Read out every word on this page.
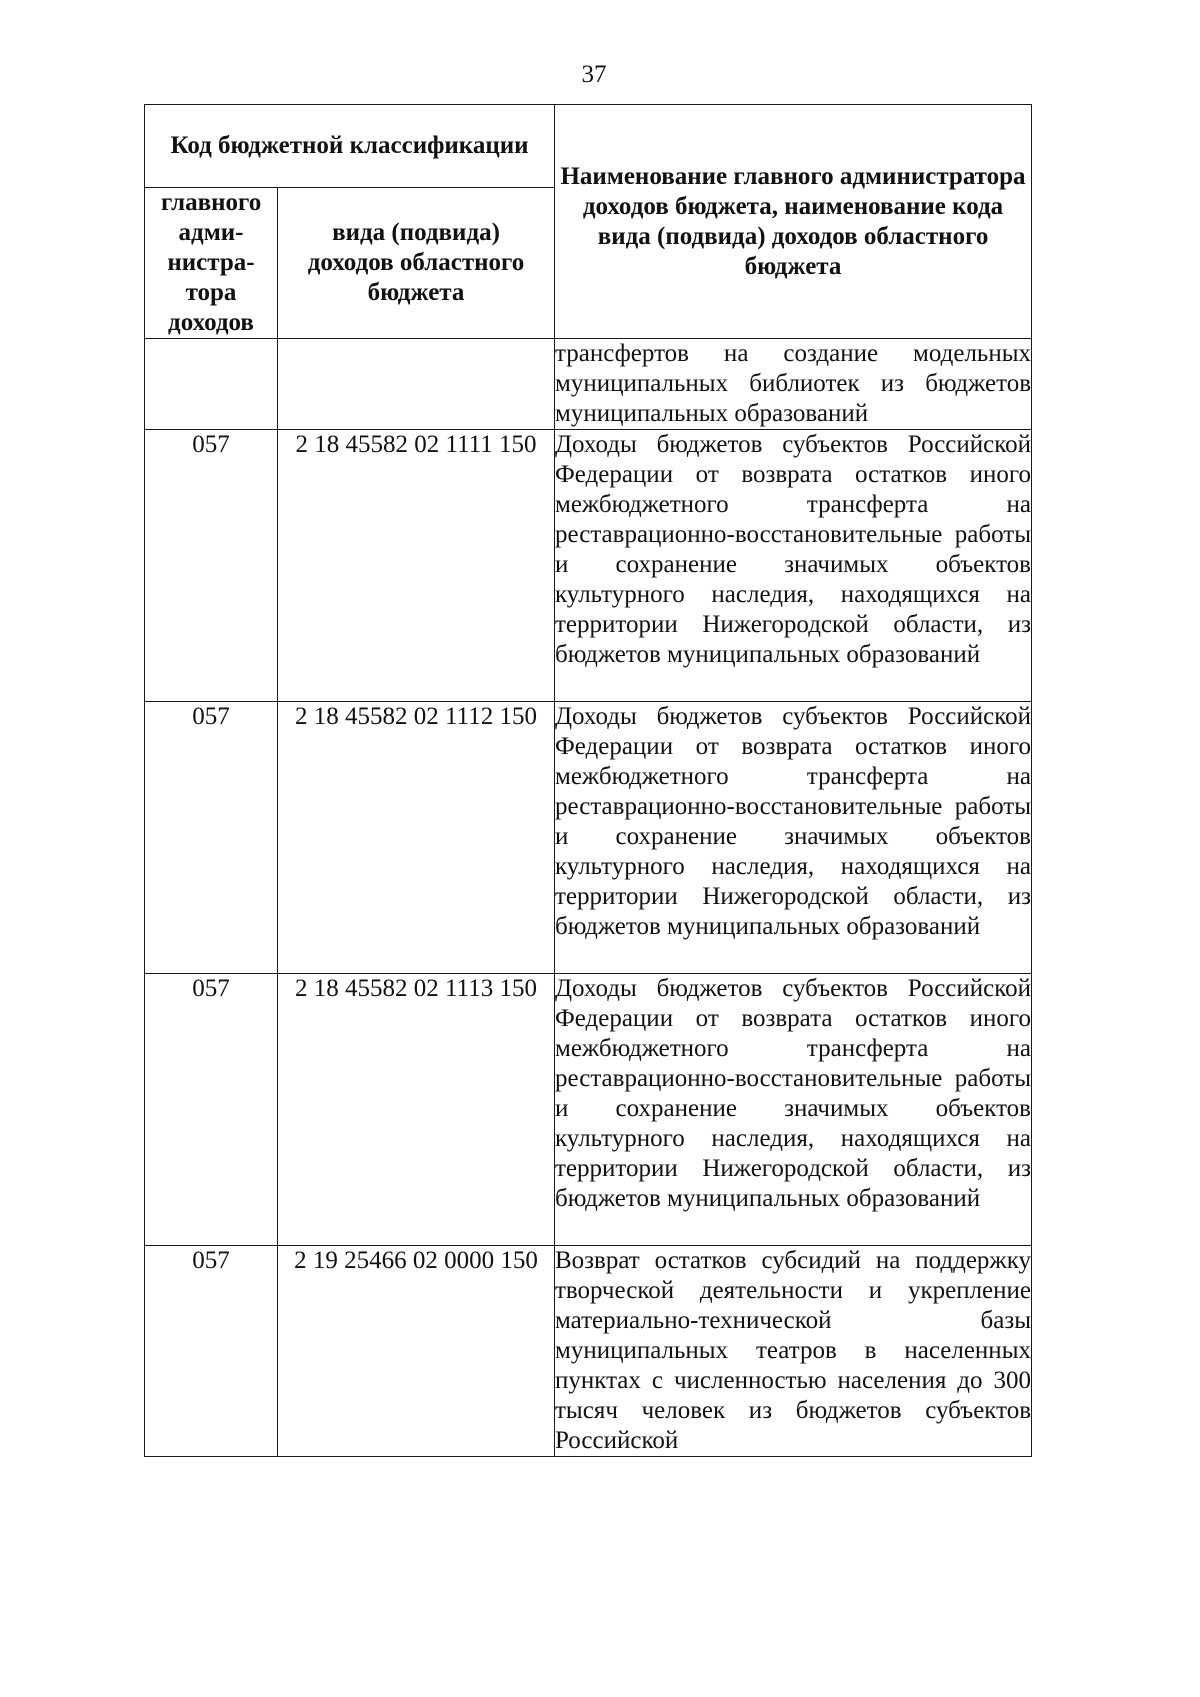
37
Код бюджетной классификации		Наименование главного администратора доходов бюджета, наименование кода вида (подвида) доходов областного бюджета

главного адми-нистра-тора доходов	вида (подвида) доходов областного бюджета	

		трансфертов на создание модельных муниципальных библиотек из бюджетов муниципальных образований
057	2 18 45582 02 1111 150	Доходы бюджетов субъектов Российской Федерации от возврата остатков иного межбюджетного трансферта на реставрационно-восстановительные работы и сохранение значимых объектов культурного наследия, находящихся на территории Нижегородской области, из бюджетов муниципальных образований
057	2 18 45582 02 1112 150	Доходы бюджетов субъектов Российской Федерации от возврата остатков иного межбюджетного трансферта на реставрационно-восстановительные работы и сохранение значимых объектов культурного наследия, находящихся на территории Нижегородской области, из бюджетов муниципальных образований
057	2 18 45582 02 1113 150	Доходы бюджетов субъектов Российской Федерации от возврата остатков иного межбюджетного трансферта на реставрационно-восстановительные работы и сохранение значимых объектов культурного наследия, находящихся на территории Нижегородской области, из бюджетов муниципальных образований
057	2 19 25466 02 0000 150	Возврат остатков субсидий на поддержку творческой деятельности и укрепление материально-технической базы муниципальных театров в населенных пунктах с численностью населения до 300 тысяч человек из бюджетов субъектов Российской
